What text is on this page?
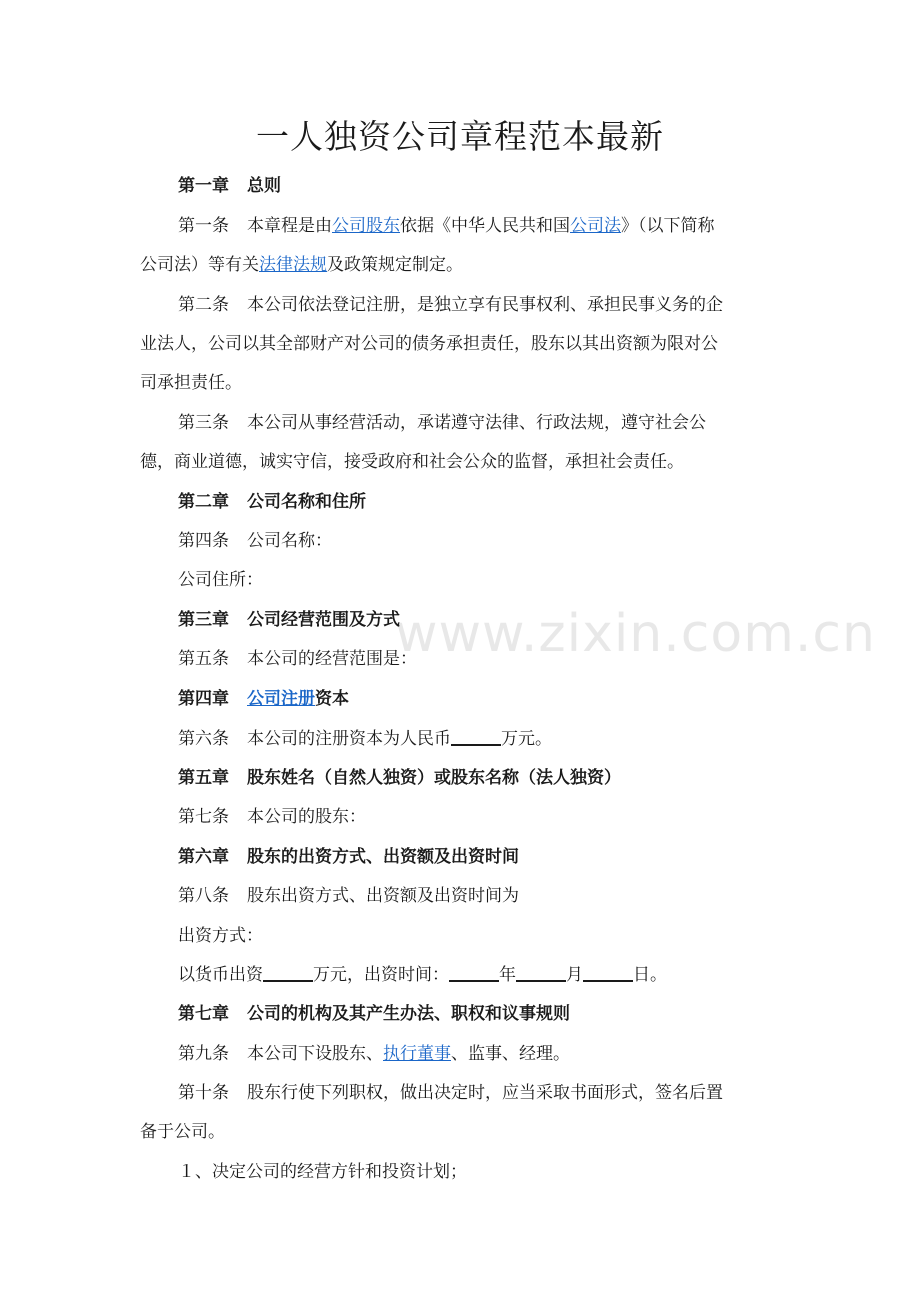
www.zixin.com.cn
一人独资公司章程范本最新
第一章 总则
第一条 本章程是由公司股东依据《中华人民共和国公司法》（以下简称
公司法）等有关法律法规及政策规定制定。
第二条 本公司依法登记注册，是独立享有民事权利、承担民事义务的企
业法人，公司以其全部财产对公司的债务承担责任，股东以其出资额为限对公
司承担责任。
第三条 本公司从事经营活动，承诺遵守法律、行政法规，遵守社会公
德，商业道德，诚实守信，接受政府和社会公众的监督，承担社会责任。
第二章 公司名称和住所
第四条 公司名称：
公司住所：
第三章 公司经营范围及方式
第五条 本公司的经营范围是：
第四章 公司注册资本
第六条 本公司的注册资本为人民币	万元。
第五章 股东姓名（自然人独资）或股东名称（法人独资）
第七条 本公司的股东：
第六章 股东的出资方式、出资额及出资时间
第八条 股东出资方式、出资额及出资时间为
出资方式：
以货币出资	万元，出资时间：	年	月	日。
第七章 公司的机构及其产生办法、职权和议事规则
第九条 本公司下设股东、执行董事、监事、经理。
第十条 股东行使下列职权，做出决定时，应当采取书面形式，签名后置
备于公司。
１、决定公司的经营方针和投资计划；
